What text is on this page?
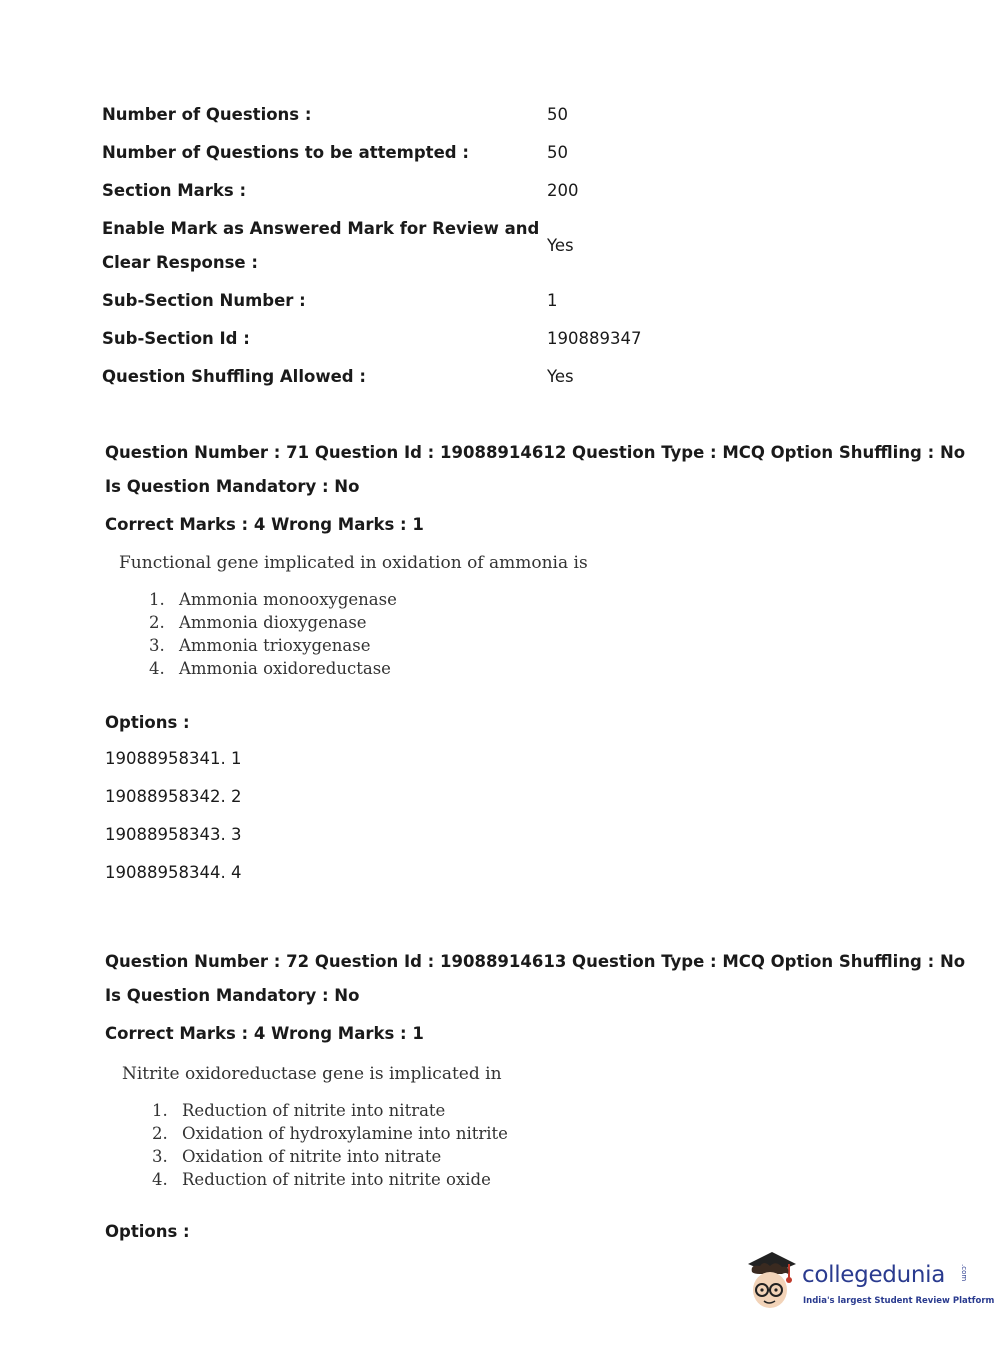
Number of Questions :	50
Number of Questions to be attempted :	50
Section Marks :	200
Enable Mark as Answered Mark for Review and
Clear Response :
Yes
Sub-Section Number :	1
Sub-Section Id :	190889347
Question Shuffling Allowed :	Yes
Question Number : 71 Question Id : 19088914612 Question Type : MCQ Option Shuffling : No
Is Question Mandatory : No
Correct Marks : 4 Wrong Marks : 1
Functional gene implicated in oxidation of ammonia is
1. Ammonia monooxygenase
2. Ammonia dioxygenase
3. Ammonia trioxygenase
4. Ammonia oxidoreductase
Options :
19088958341. 1
19088958342. 2
19088958343. 3
19088958344. 4
Question Number : 72 Question Id : 19088914613 Question Type : MCQ Option Shuffling : No
Is Question Mandatory : No
Correct Marks : 4 Wrong Marks : 1
Nitrite oxidoreductase gene is implicated in
1. Reduction of nitrite into nitrate
2. Oxidation of hydroxylamine into nitrite
3. Oxidation of nitrite into nitrate
4. Reduction of nitrite into nitrite oxide
Options :
collegedunia .com
India's largest Student Review Platform
